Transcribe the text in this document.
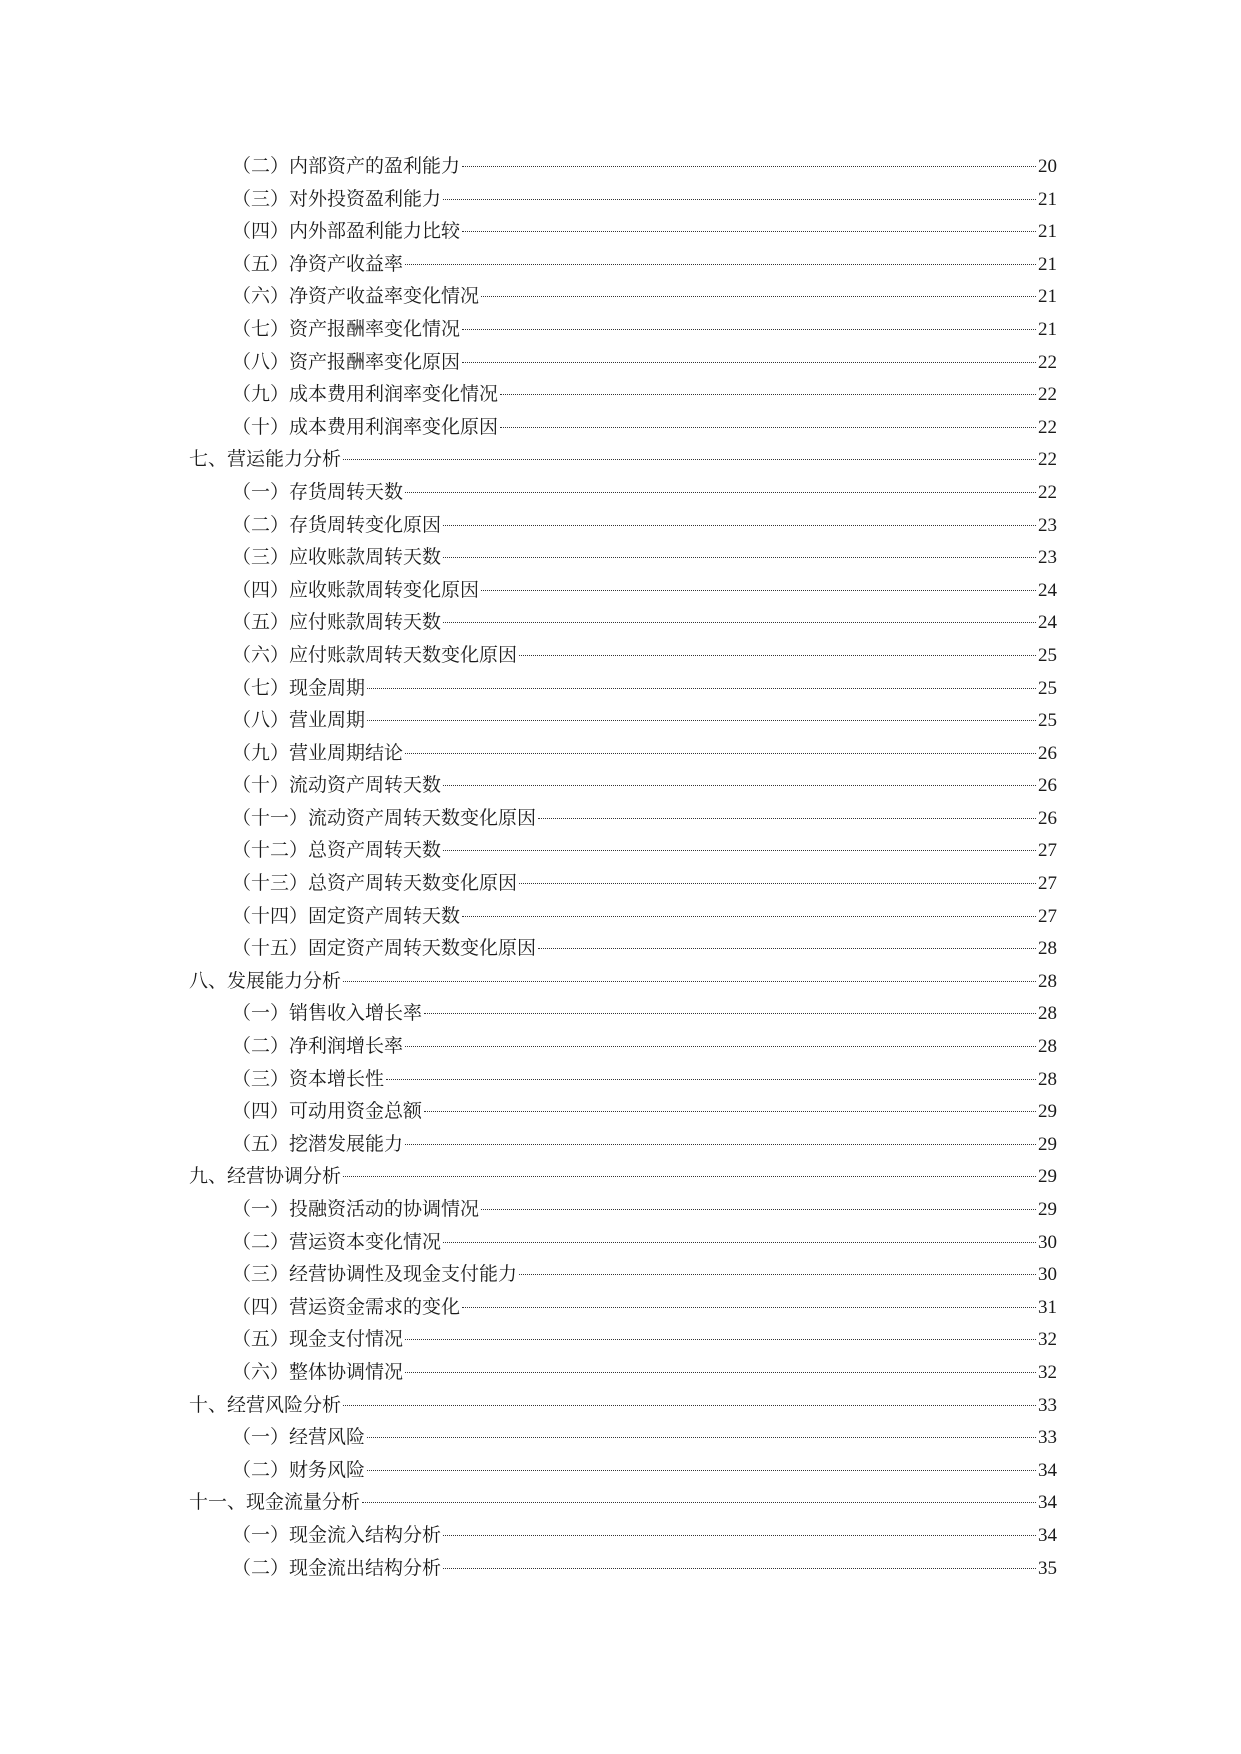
（二）内部资产的盈利能力	20
（三）对外投资盈利能力	21
（四）内外部盈利能力比较	21
（五）净资产收益率	21
（六）净资产收益率变化情况	21
（七）资产报酬率变化情况	21
（八）资产报酬率变化原因	22
（九）成本费用利润率变化情况	22
（十）成本费用利润率变化原因	22
七、营运能力分析	22
（一）存货周转天数	22
（二）存货周转变化原因	23
（三）应收账款周转天数	23
（四）应收账款周转变化原因	24
（五）应付账款周转天数	24
（六）应付账款周转天数变化原因	25
（七）现金周期	25
（八）营业周期	25
（九）营业周期结论	26
（十）流动资产周转天数	26
（十一）流动资产周转天数变化原因	26
（十二）总资产周转天数	27
（十三）总资产周转天数变化原因	27
（十四）固定资产周转天数	27
（十五）固定资产周转天数变化原因	28
八、发展能力分析	28
（一）销售收入增长率	28
（二）净利润增长率	28
（三）资本增长性	28
（四）可动用资金总额	29
（五）挖潜发展能力	29
九、经营协调分析	29
（一）投融资活动的协调情况	29
（二）营运资本变化情况	30
（三）经营协调性及现金支付能力	30
（四）营运资金需求的变化	31
（五）现金支付情况	32
（六）整体协调情况	32
十、经营风险分析	33
（一）经营风险	33
（二）财务风险	34
十一、现金流量分析	34
（一）现金流入结构分析	34
（二）现金流出结构分析	35
